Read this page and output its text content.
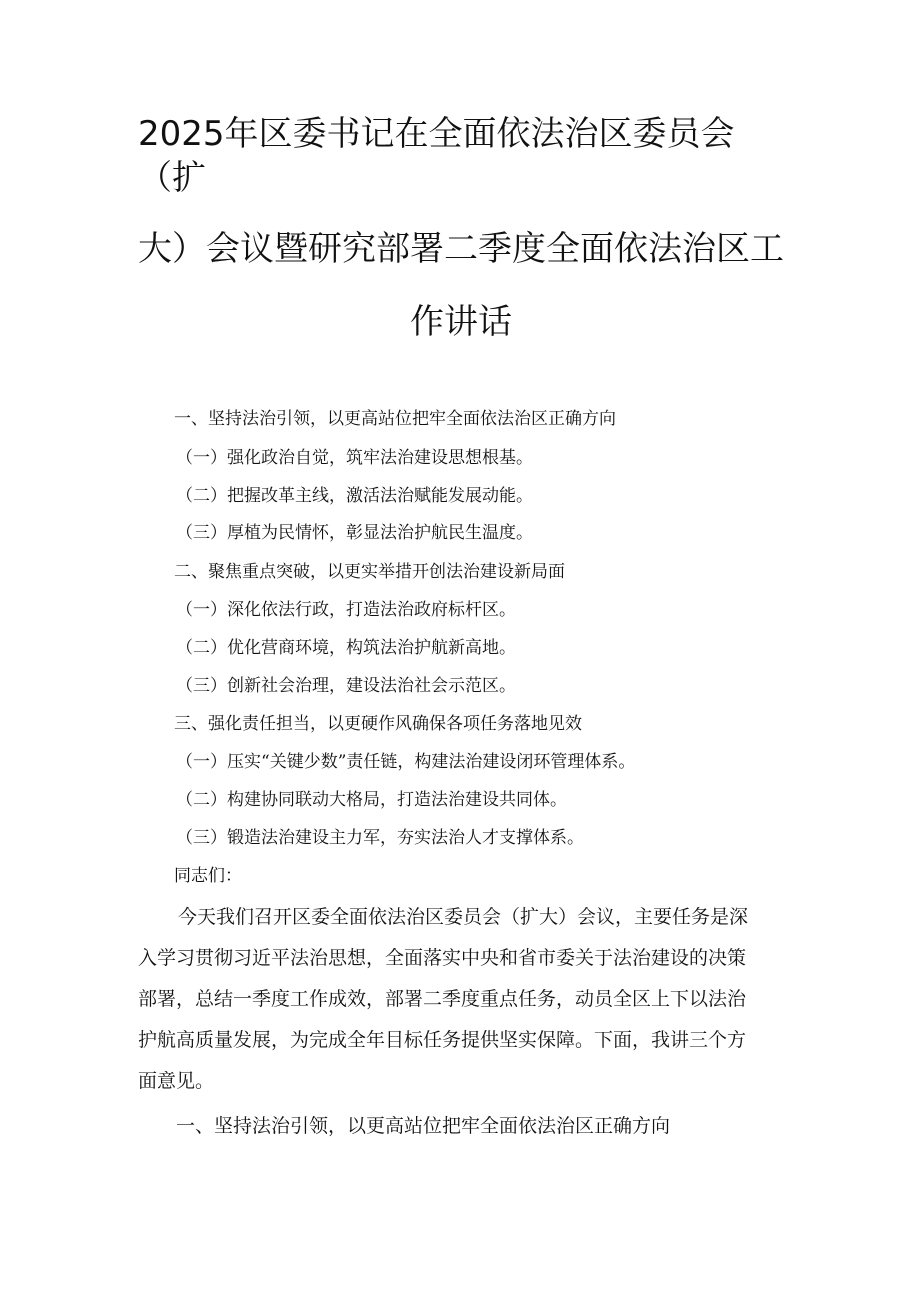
2025年区委书记在全面依法治区委员会
（扩
大）会议暨研究部署二季度全面依法治区工
作讲话
一、坚持法治引领，以更高站位把牢全面依法治区正确方向
（一）强化政治自觉，筑牢法治建设思想根基。
（二）把握改革主线，激活法治赋能发展动能。
（三）厚植为民情怀，彰显法治护航民生温度。
二、聚焦重点突破，以更实举措开创法治建设新局面
（一）深化依法行政，打造法治政府标杆区。
（二）优化营商环境，构筑法治护航新高地。
（三）创新社会治理，建设法治社会示范区。
三、强化责任担当，以更硬作风确保各项任务落地见效
（一）压实“关键少数”责任链，构建法治建设闭环管理体系。
（二）构建协同联动大格局，打造法治建设共同体。
（三）锻造法治建设主力军，夯实法治人才支撑体系。
同志们：
今天我们召开区委全面依法治区委员会（扩大）会议，主要任务是深
入学习贯彻习近平法治思想，全面落实中央和省市委关于法治建设的决策
部署，总结一季度工作成效，部署二季度重点任务，动员全区上下以法治
护航高质量发展，为完成全年目标任务提供坚实保障。下面，我讲三个方
面意见。
一、坚持法治引领，以更高站位把牢全面依法治区正确方向
